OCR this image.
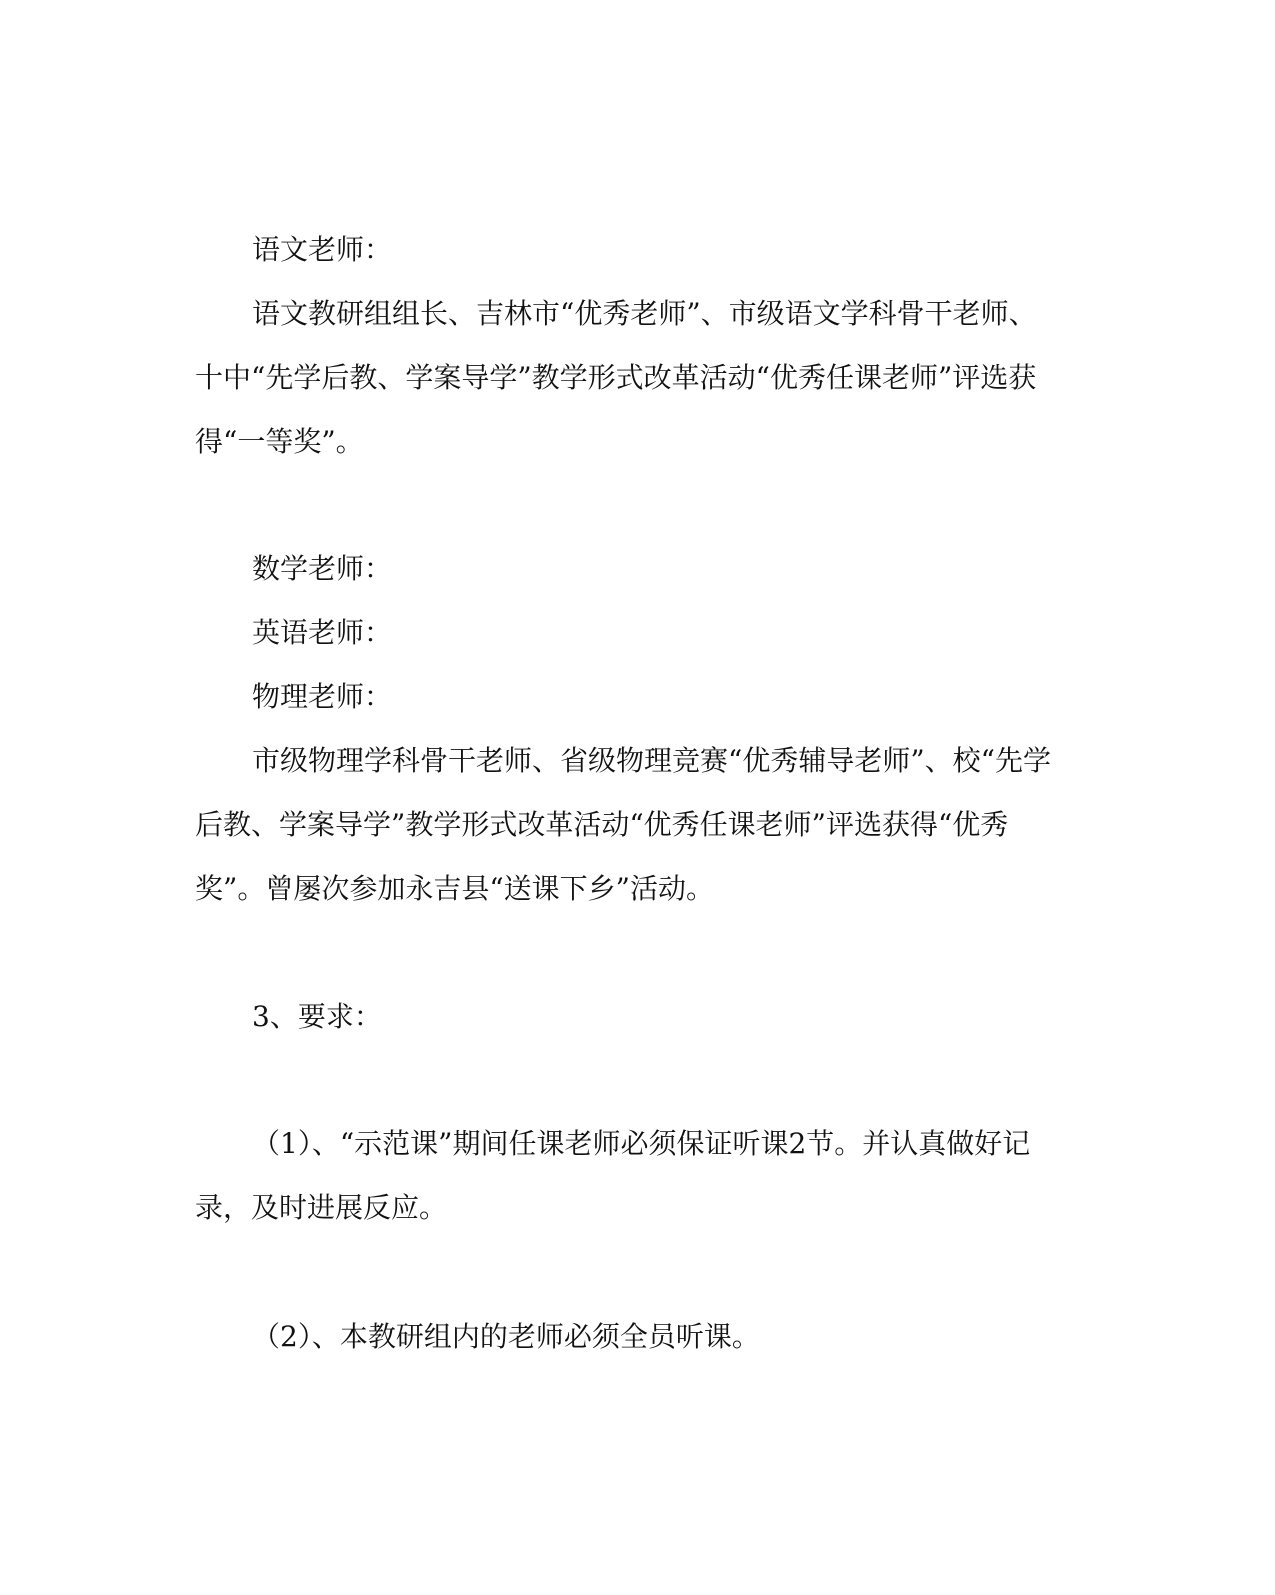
语文老师：

语文教研组组长、吉林市“优秀老师”、市级语文学科骨干老师、十中“先学后教、学案导学”教学形式改革活动“优秀任课老师”评选获得“一等奖”。

数学老师：

英语老师：

物理老师：

市级物理学科骨干老师、省级物理竞赛“优秀辅导老师”、校“先学后教、学案导学”教学形式改革活动“优秀任课老师”评选获得“优秀奖”。曾屡次参加永吉县“送课下乡”活动。

3、要求：

（1）、“示范课”期间任课老师必须保证听课2节。并认真做好记录，及时进展反应。

（2）、本教研组内的老师必须全员听课。
